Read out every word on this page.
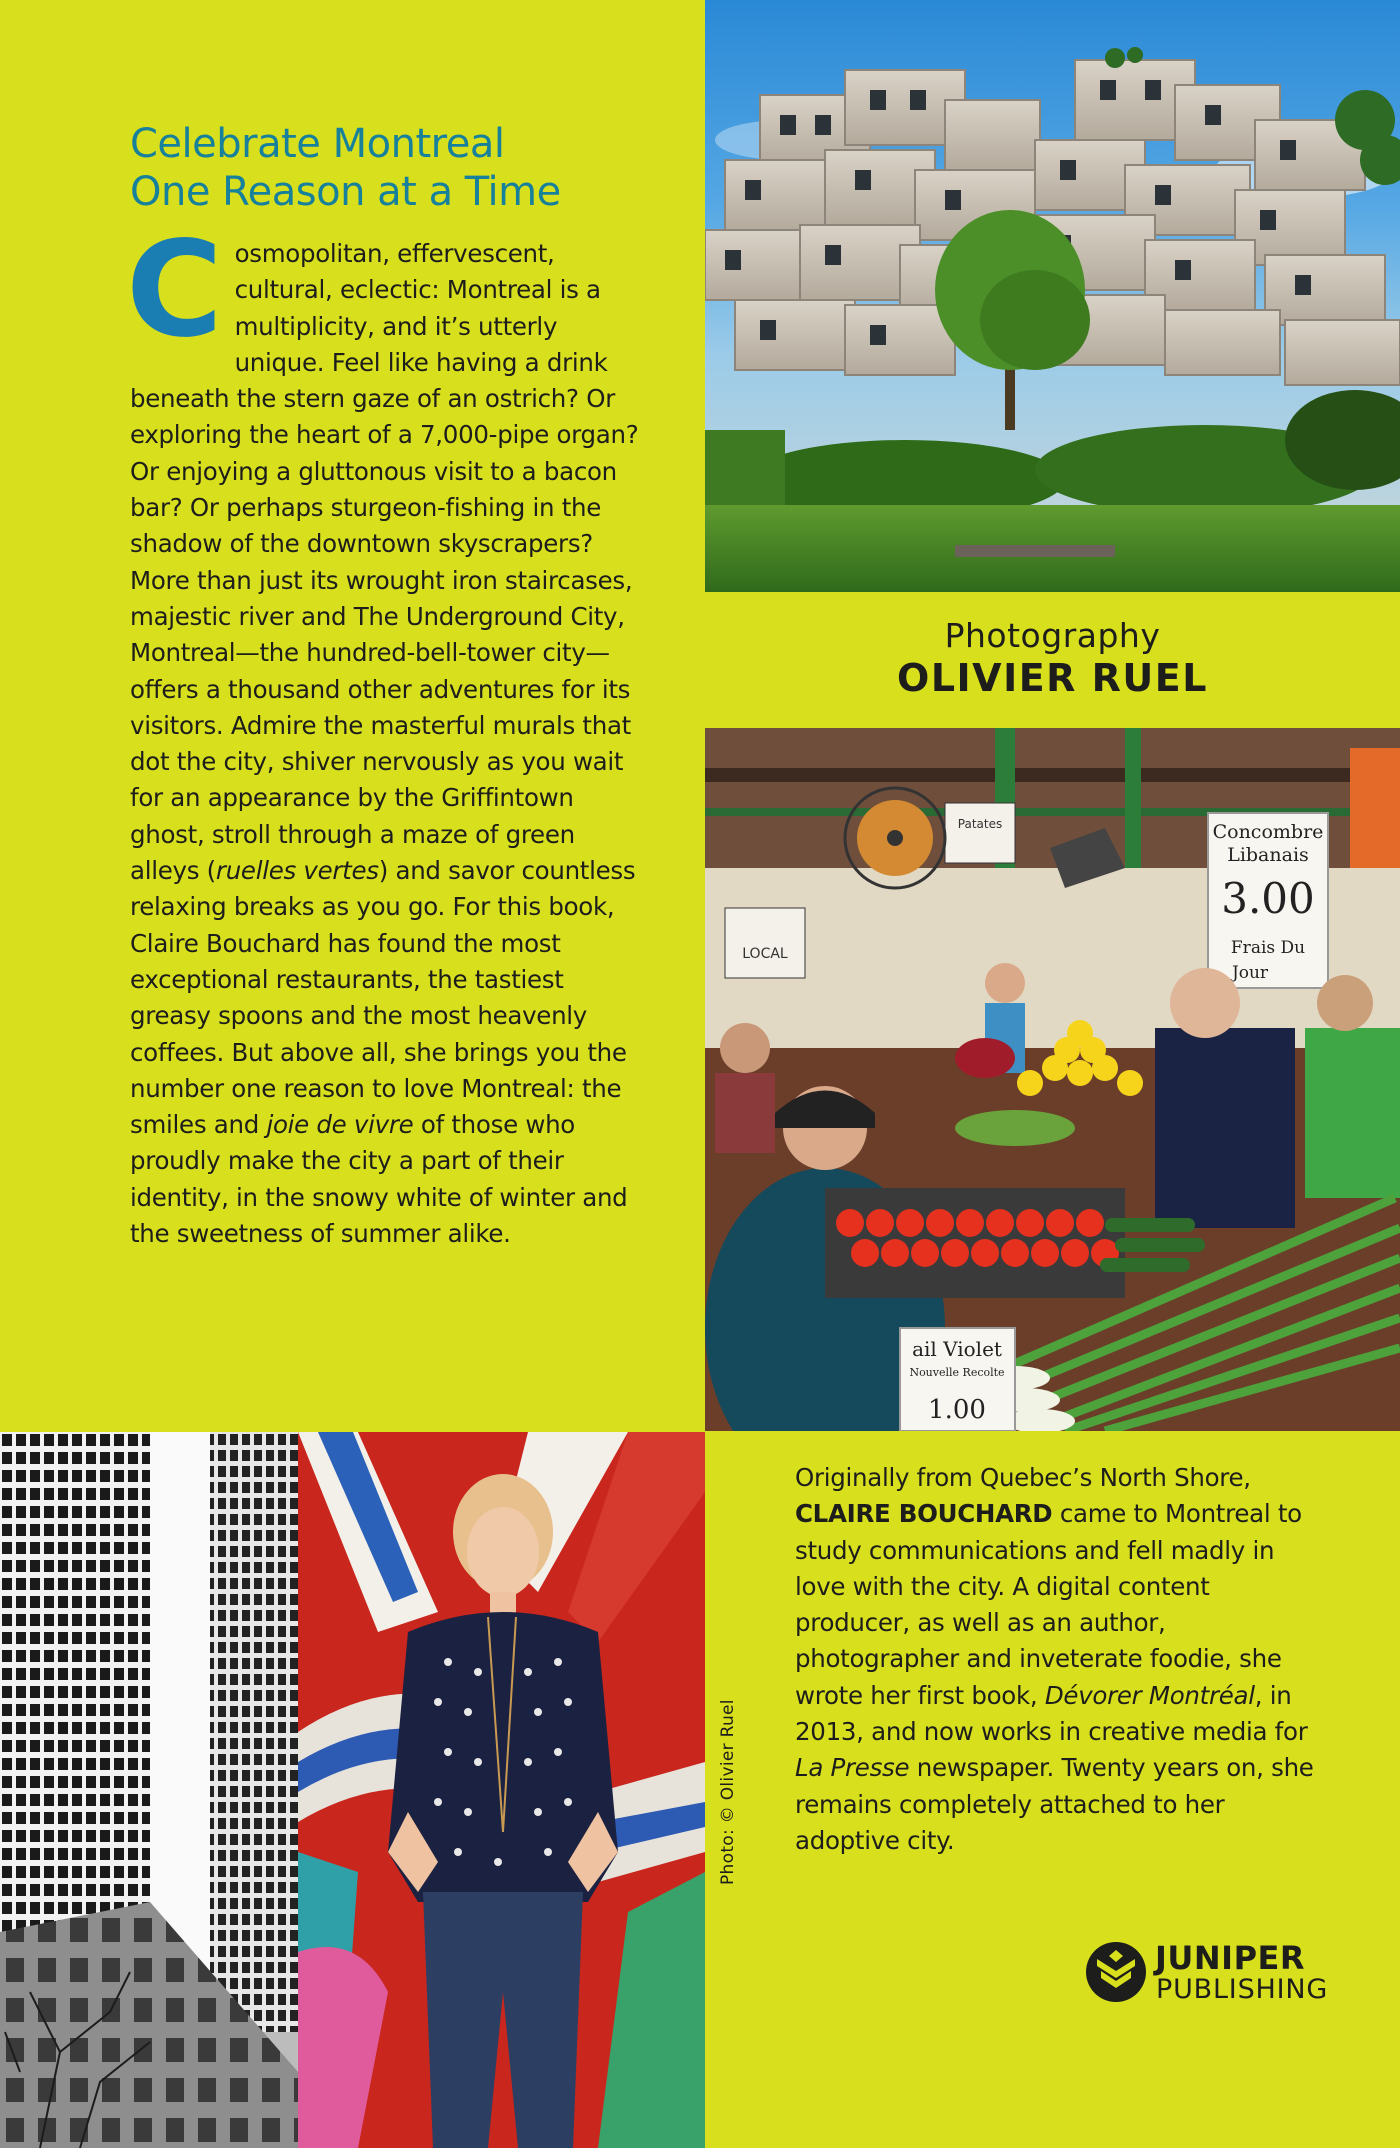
Celebrate Montreal
One Reason at a Time
C osmopolitan, effervescent, cultural, eclectic: Montreal is a multiplicity, and it’s utterly unique. Feel like having a drink beneath the stern gaze of an ostrich? Or exploring the heart of a 7,000-pipe organ? Or enjoying a gluttonous visit to a bacon bar? Or perhaps sturgeon-fishing in the shadow of the downtown skyscrapers? More than just its wrought iron staircases, majestic river and The Underground City, Montreal—the hundred-bell-tower city—offers a thousand other adventures for its visitors. Admire the masterful murals that dot the city, shiver nervously as you wait for an appearance by the Griffintown ghost, stroll through a maze of green alleys (ruelles vertes) and savor countless relaxing breaks as you go. For this book, Claire Bouchard has found the most exceptional restaurants, the tastiest greasy spoons and the most heavenly coffees. But above all, she brings you the number one reason to love Montreal: the smiles and joie de vivre of those who proudly make the city a part of their identity, in the snowy white of winter and the sweetness of summer alike.
Photography
OLIVIER RUEL
LOCAL
Patates	Concombre
Libanais
3.00
Frais Du
Jour
ail Violet
Nouvelle Recolte
1.00
Photo: © Olivier Ruel
Originally from Quebec’s North Shore, CLAIRE BOUCHARD came to Montreal to study communications and fell madly in love with the city. A digital content producer, as well as an author, photographer and inveterate foodie, she wrote her first book, Dévorer Montréal, in 2013, and now works in creative media for La Presse newspaper. Twenty years on, she remains completely attached to her adoptive city.
JUNIPER
PUBLISHING
